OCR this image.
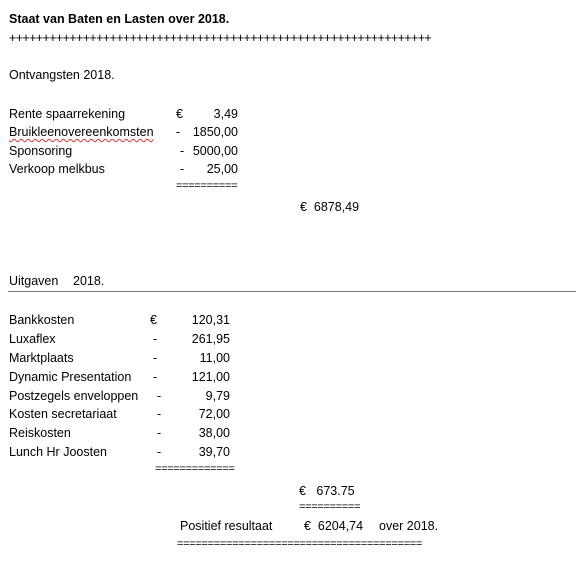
Staat van Baten en Lasten over 2018.
+++++++++++++++++++++++++++++++++++++++++++++++++++++++++++++++
Ontvangsten 2018.
Rente spaarrekening	€	3,49
Bruikleenovereenkomsten -	1850,00
Sponsoring	- 5000,00
Verkoop melkbus	-	25,00
==========
€  6878,49
Uitgaven 2018.
Bankkosten	€	120,31
Luxaflex	-	261,95
Marktplaats	-	11,00
Dynamic Presentation -	121,00
Postzegels enveloppen -	9,79
Kosten secretariaat	-	72,00
Reiskosten	-	38,00
Lunch Hr Joosten	-	39,70
=============
€   673.75
==========
Positief resultaat	€  6204,74 over 2018.
========================================
